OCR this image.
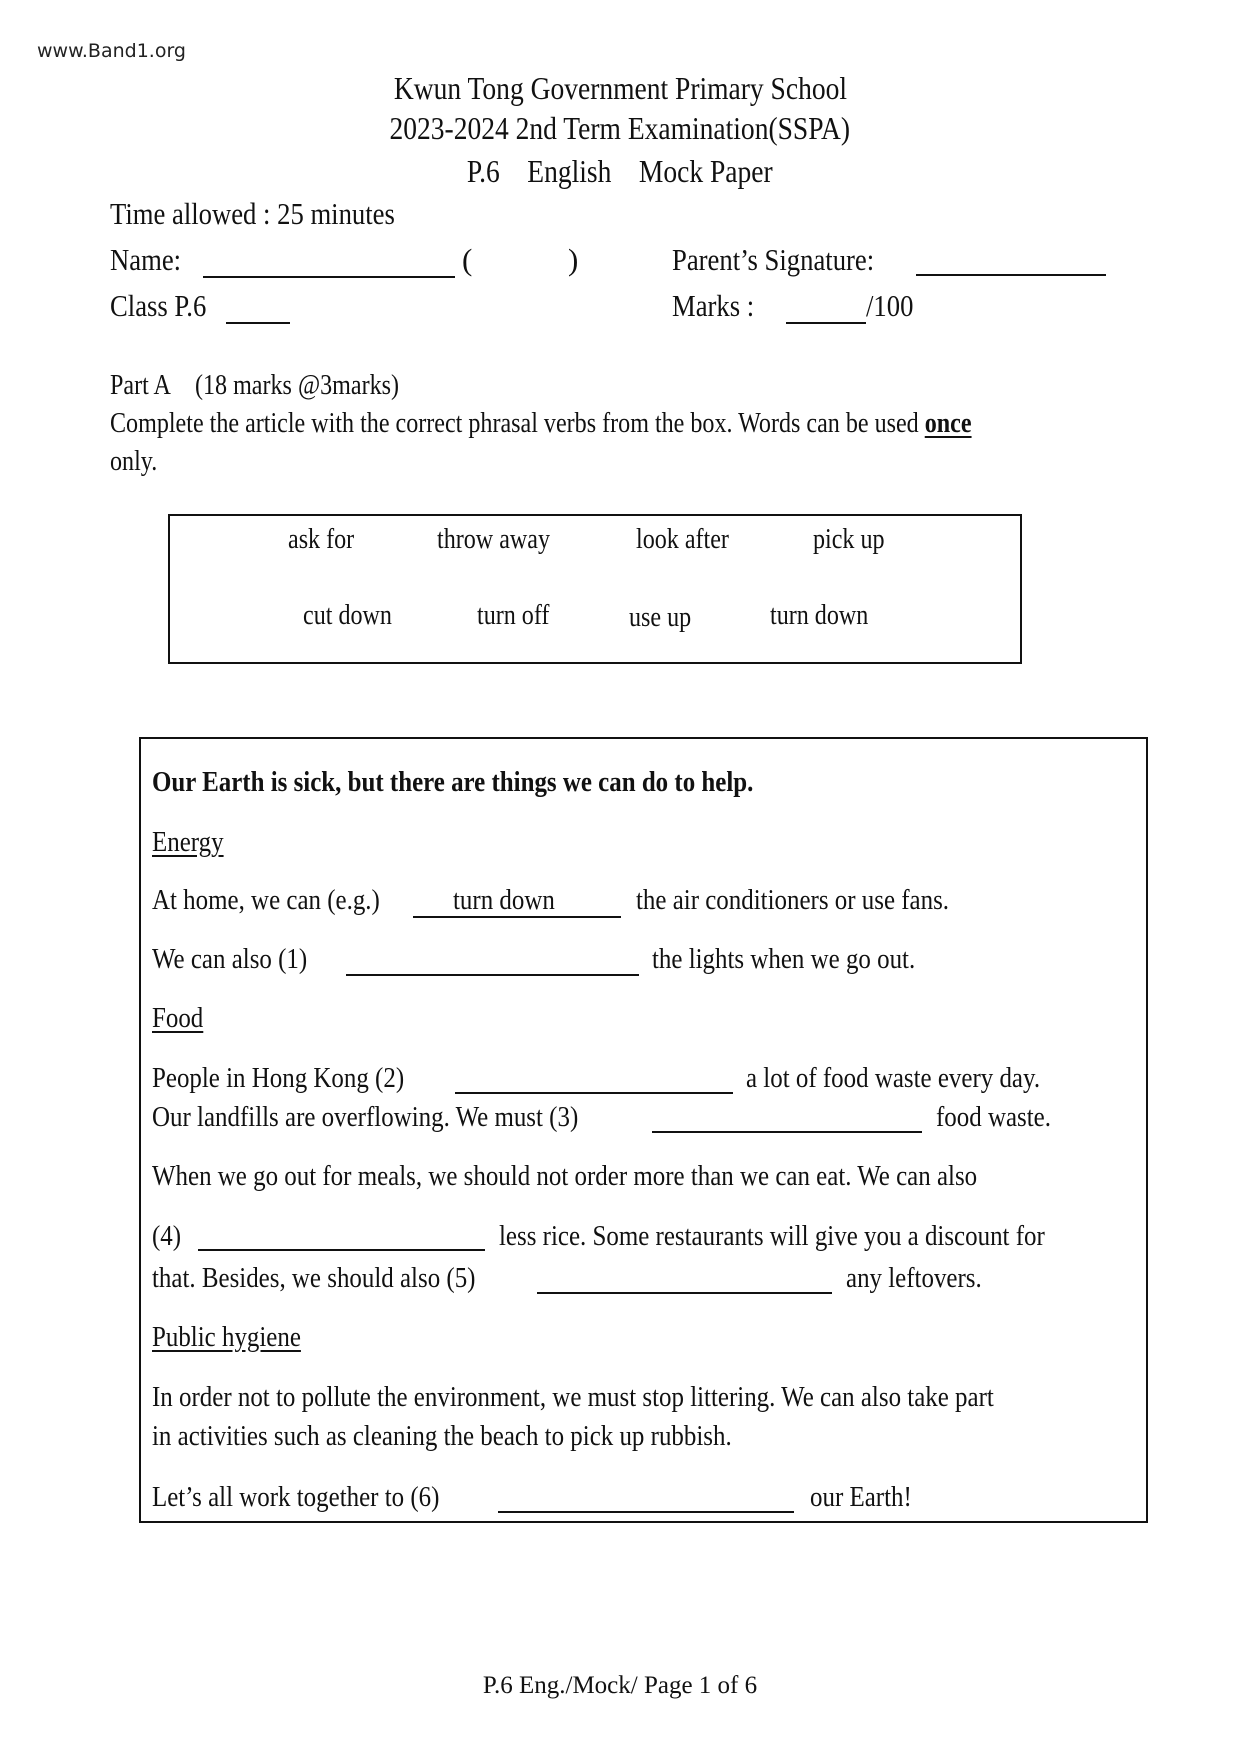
www.Band1.org
Kwun Tong Government Primary School
2023-2024 2nd Term Examination(SSPA)
P.6 English Mock Paper
Time allowed : 25 minutes
Name:	(	)	Parent’s Signature:
Class P.6	Marks :	/100
Part A (18 marks @3marks)
Complete the article with the correct phrasal verbs from the box. Words can be used once
only.
ask for	throw away	look after	pick up
cut down	turn off	use up	turn down
Our Earth is sick, but there are things we can do to help.
Energy
At home, we can (e.g.)	turn down	the air conditioners or use fans.
We can also (1)	the lights when we go out.
Food
People in Hong Kong (2)	a lot of food waste every day.
Our landfills are overflowing. We must (3)	food waste.
When we go out for meals, we should not order more than we can eat. We can also
(4)	less rice. Some restaurants will give you a discount for
that. Besides, we should also (5)	any leftovers.
Public hygiene
In order not to pollute the environment, we must stop littering. We can also take part
in activities such as cleaning the beach to pick up rubbish.
Let’s all work together to (6)	our Earth!
P.6 Eng./Mock/ Page 1 of 6
